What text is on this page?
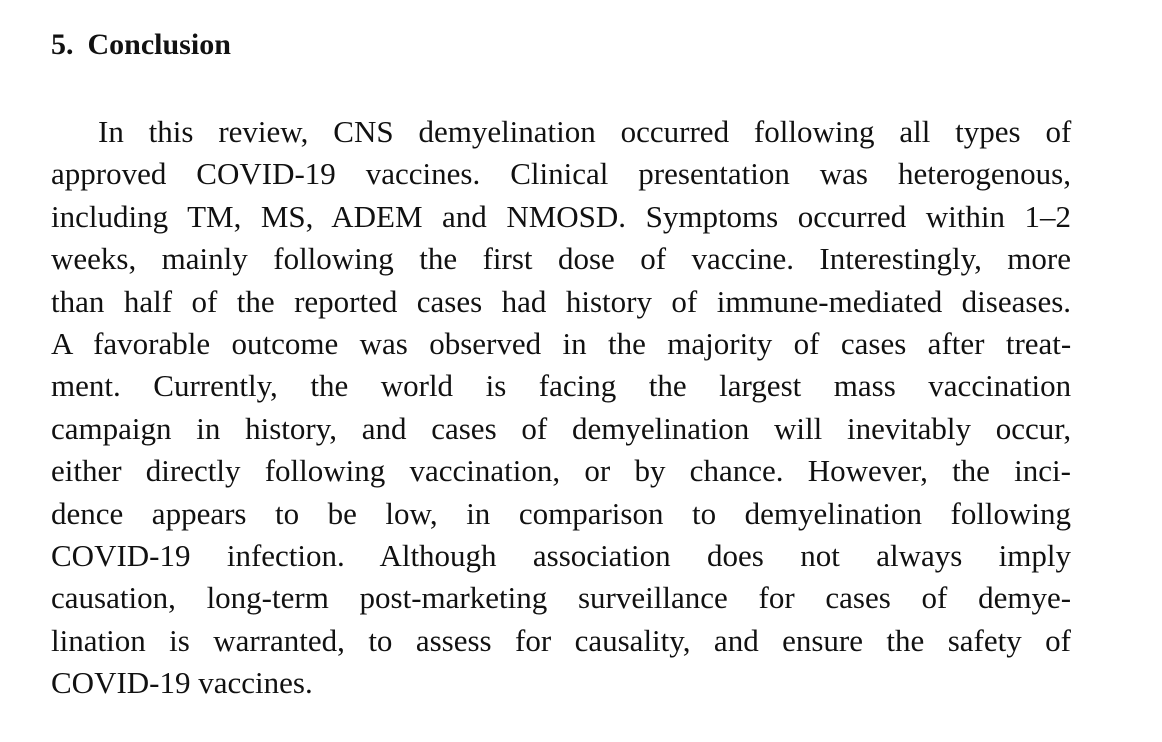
5. Conclusion
In this review, CNS demyelination occurred following all types of
approved COVID-19 vaccines. Clinical presentation was heterogenous,
including TM, MS, ADEM and NMOSD. Symptoms occurred within 1–2
weeks, mainly following the first dose of vaccine. Interestingly, more
than half of the reported cases had history of immune-mediated diseases.
A favorable outcome was observed in the majority of cases after treat-
ment. Currently, the world is facing the largest mass vaccination
campaign in history, and cases of demyelination will inevitably occur,
either directly following vaccination, or by chance. However, the inci-
dence appears to be low, in comparison to demyelination following
COVID-19 infection. Although association does not always imply
causation, long-term post-marketing surveillance for cases of demye-
lination is warranted, to assess for causality, and ensure the safety of
COVID-19 vaccines.
